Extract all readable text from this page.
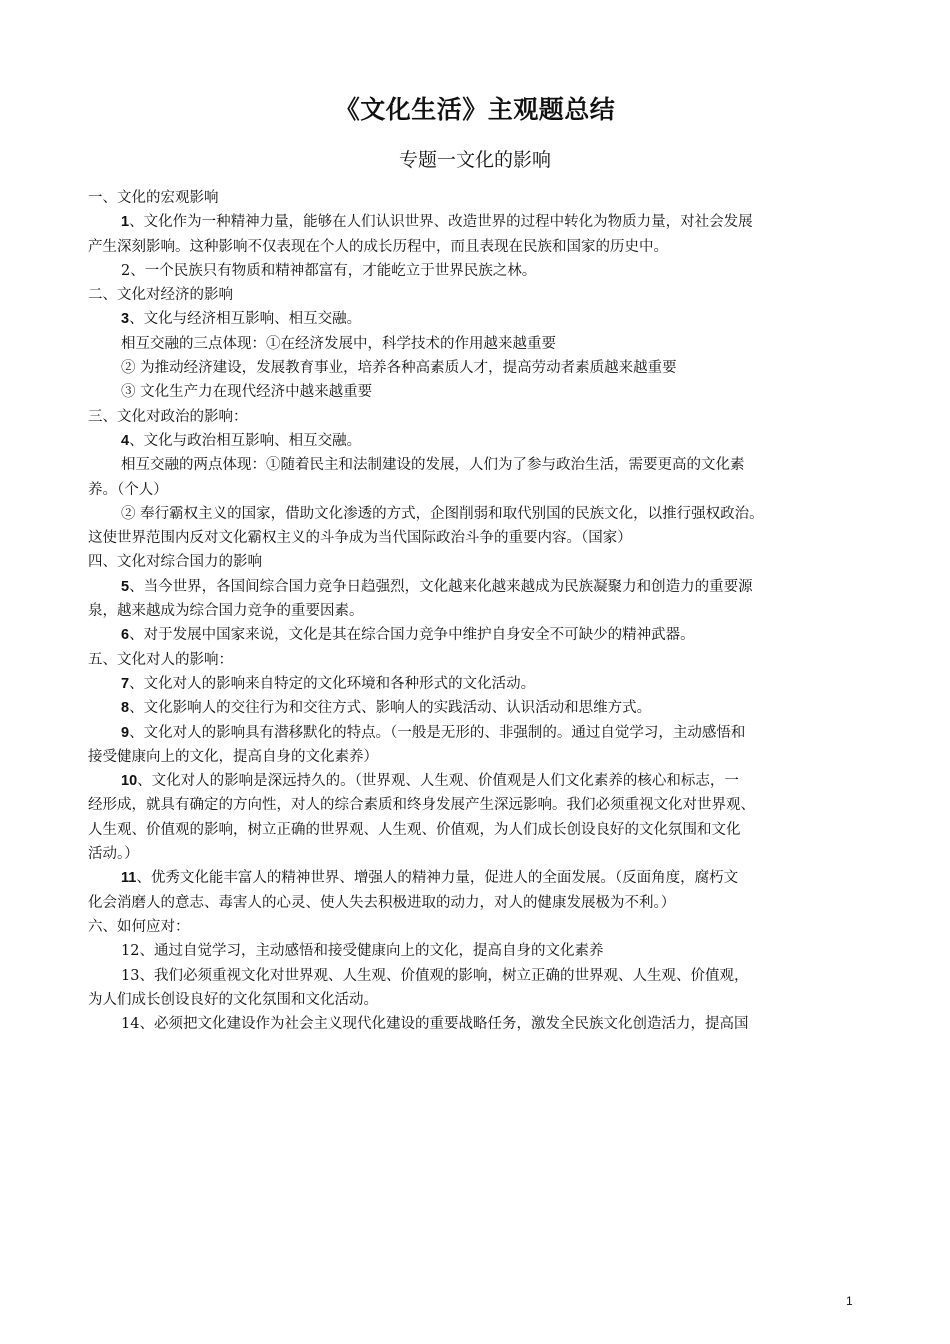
《文化生活》主观题总结
专题一文化的影响
一、文化的宏观影响
1、文化作为一种精神力量，能够在人们认识世界、改造世界的过程中转化为物质力量，对社会发展
产生深刻影响。这种影响不仅表现在个人的成长历程中，而且表现在民族和国家的历史中。
2、一个民族只有物质和精神都富有，才能屹立于世界民族之林。
二、文化对经济的影响
3、文化与经济相互影响、相互交融。
相互交融的三点体现：①在经济发展中，科学技术的作用越来越重要
② 为推动经济建设，发展教育事业，培养各种高素质人才，提高劳动者素质越来越重要
③ 文化生产力在现代经济中越来越重要
三、文化对政治的影响：
4、文化与政治相互影响、相互交融。
相互交融的两点体现：①随着民主和法制建设的发展，人们为了参与政治生活，需要更高的文化素
养。（个人）
② 奉行霸权主义的国家，借助文化渗透的方式，企图削弱和取代别国的民族文化，以推行强权政治。
这使世界范围内反对文化霸权主义的斗争成为当代国际政治斗争的重要内容。（国家）
四、文化对综合国力的影响
5、当今世界，各国间综合国力竞争日趋强烈，文化越来化越来越成为民族凝聚力和创造力的重要源
泉，越来越成为综合国力竞争的重要因素。
6、对于发展中国家来说，文化是其在综合国力竞争中维护自身安全不可缺少的精神武器。
五、文化对人的影响：
7、文化对人的影响来自特定的文化环境和各种形式的文化活动。
8、文化影响人的交往行为和交往方式、影响人的实践活动、认识活动和思维方式。
9、文化对人的影响具有潜移默化的特点。（一般是无形的、非强制的。通过自觉学习，主动感悟和
接受健康向上的文化，提高自身的文化素养）
10、文化对人的影响是深远持久的。（世界观、人生观、价值观是人们文化素养的核心和标志，一
经形成，就具有确定的方向性，对人的综合素质和终身发展产生深远影响。我们必须重视文化对世界观、
人生观、价值观的影响，树立正确的世界观、人生观、价值观，为人们成长创设良好的文化氛围和文化
活动。）
11、优秀文化能丰富人的精神世界、增强人的精神力量，促进人的全面发展。（反面角度，腐朽文
化会消磨人的意志、毒害人的心灵、使人失去积极进取的动力，对人的健康发展极为不利。）
六、如何应对：
12、通过自觉学习，主动感悟和接受健康向上的文化，提高自身的文化素养
13、我们必须重视文化对世界观、人生观、价值观的影响，树立正确的世界观、人生观、价值观，
为人们成长创设良好的文化氛围和文化活动。
14、必须把文化建设作为社会主义现代化建设的重要战略任务，激发全民族文化创造活力，提高国
1
